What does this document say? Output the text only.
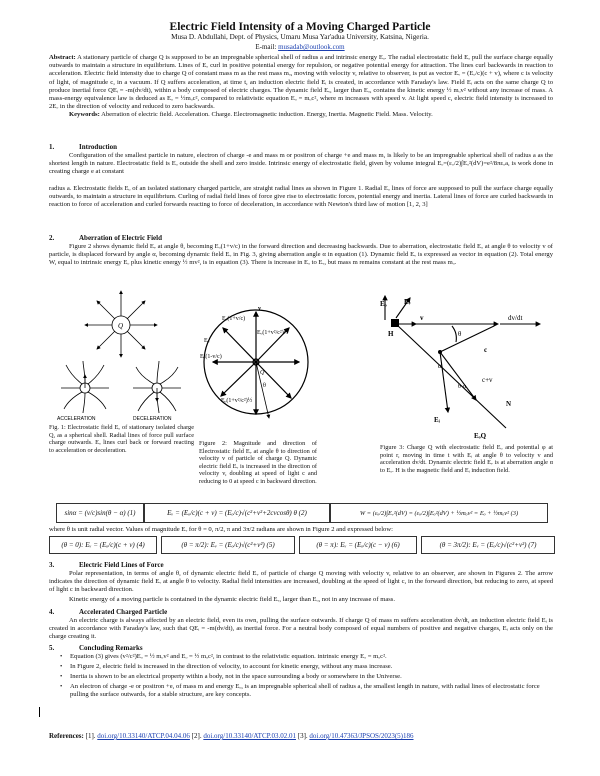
Electric Field Intensity of a Moving Charged Particle
Musa D. Abdullahi, Dept. of Physics, Umaru Musa Yar'adua University, Katsina, Nigeria.
E-mail: musadab@outlook.com
Abstract: A stationary particle of charge Q is supposed to be an impregnable spherical shell of radius a and intrinsic energy Eₒ. The radial electrostatic field Eₒ pull the surface charge equally outwards to maintain a structure in equilibrium. Lines of Eₒ curl in positive potential energy for repulsion, or negative potential energy for attraction. The lines curl backwards in reaction to acceleration. Electric field intensity due to charge Q of constant mass m as the rest mass mₒ, moving with velocity v, relative to observer, is put as vector Eᵥ = (Eₒ/c)(c + v), where c is velocity of light, of magnitude c, in a vacuum. If Q suffers acceleration, at time t, an induction electric field Eᵢ is created, in accordance with Faraday's law. Field Eᵢ acts on the same charge Q to produce inertial force QEᵢ = -m(dv/dt), within a body composed of electric charges. The dynamic field Eᵥ, larger than Eₒ, contains the kinetic energy ½ mₒv² without any increase of mass. A mass-energy equivalence law is deduced as Eₒ = ½mₒc², compared to relativistic equation Eₒ = mₒc², where m increases with speed v. At light speed c, electric field intensity is increased to 2Eₒ in the direction of velocity and reduced to zero backwards.
Keywords: Aberration of electric field. Acceleration. Charge. Electromagnetic induction. Energy, Inertia. Magnetic Field. Mass. Velocity.
1.	Introduction
Configuration of the smallest particle in nature, electron of charge -e and mass m or positron of charge +e and mass m, is likely to be an impregnable spherical shell of radius a as the shortest length in nature. Electrostatic field is Eₒ outside the shell and zero inside. Intrinsic energy of electrostatic field, given by volume integral Eₒ=(εₒ/2)∫Eₒ²(dV)=e²/8πεₒa, is work done in creating charge e at constant
radius a. Electrostatic fields Eₒ of an isolated stationary charged particle, are straight radial lines as shown in Figure 1. Radial Eₒ lines of force are supposed to pull the surface charge equally outwards, to maintain a structure in equilibrium. Curling of radial field lines of force give rise to electrostatic forces, potential energy and inertia. Lateral lines of force are curled backwards in reaction to force of acceleration and curled forwards reacting to force of deceleration, in accordance with Newton's third law of motion [1, 2, 3]
2.	Aberration of Electric Field
Figure 2 shows dynamic field Eᵥ at angle θ, becoming Eₒ(1+v/c) in the forward direction and decreasing backwards. Due to aberration, electrostatic field Eₒ at angle θ to velocity v of particle, is displaced forward by angle α, becoming dynamic field Eᵥ in Fig. 3, giving aberration angle α in equation (1). Dynamic field Eᵥ is expressed as vector in equation (2). Total energy W, equal to intrinsic energy Eₒ plus kinetic energy ½ mv², is in equation (3). There is increase in Eₒ to Eᵥ, but mass m remains constant at the rest mass mₒ.
Q
ACCELERATION	DECELERATION
Fig. 1: Electrostatic field Eₒ of stationary isolated charge Q, as a spherical shell. Radial lines of force pull surface charge outwards. Eₒ lines curl back or forward reacting to acceleration or deceleration.
Eₒ(1+v/c)
Eₒ(1+v²/c²)½
Eₒ
Eₒ(1-v/c)
Eₒ(1+v²/c²)½
Q
θ
v
Figure 2: Magnitude and direction of Electrostatic field Eᵥ at angle θ to direction of velocity v of particle of charge Q. Dynamic electric field Eᵥ is increased in the direction of velocity v, doubling at speed of light c and reducing to 0 at speed c in backward direction.
Eₒ Eᵥ
H
v	dv/dt
c
c+v
α
θ
θ-α
Eᵢ
N
EₒQ
Figure 3: Charge Q with electrostatic field Eₒ and potential φ at point r, moving in time t with Eᵢ at angle θ to velocity v and acceleration dv/dt. Dynamic electric field Eᵥ is at aberration angle α to Eₒ. H is the magnetic field and Eᵢ induction field.
sinα = (v/c)sin(θ − α) (1)	Eᵥ = (Eₒ/c)(c + v) = (Eₒ/c)√(c²+v²+2cvcosθ) θ (2)	W = (εₒ/2)∫Eᵥ²(dV) = (εₒ/2)∫Eₒ²(dV) + ½mₒv² = Eₒ + ½mₒv² (3)
where θ is unit radial vector. Values of magnitude Eᵥ for θ = 0, π/2, π and 3π/2 radians are shown in Figure 2 and expressed below:
(θ = 0): Eᵥ = (Eₒ/c)(c + v) (4)	(θ = π/2): Eᵥ = (Eₒ/c)√(c²+v²) (5)	(θ = π): Eᵥ = (Eₒ/c)(c − v) (6)	(θ = 3π/2): Eᵥ = (Eₒ/c)√(c²+v²) (7)
3.	Electric Field Lines of Force
Polar representation, in terms of angle θ, of dynamic electric field Eᵥ of particle of charge Q moving with velocity v, relative to an observer, are shown in Figures 2. The arrow indicates the direction of dynamic field Eᵥ at angle θ to velocity. Radial field intensities are increased, doubling at the speed of light c, in the forward direction, but reducing to zero, at speed of light c in backward direction.
Kinetic energy of a moving particle is contained in the dynamic electric field Eᵥ, larger than Eₒ, not in any increase of mass.
4.	Accelerated Charged Particle
An electric charge is always affected by an electric field, even its own, pulling the surface outwards. If charge Q of mass m suffers acceleration dv/dt, an induction electric field Eᵢ is created in accordance with Faraday's law, such that QEᵢ = -m(dv/dt), as inertial force. For a neutral body composed of equal numbers of positive and negative charges, Eᵢ acts only on the charge creating it.
5.	Concluding Remarks
• Equation (3) gives (v²/c²)Eₒ = ½ mₒv² and Eₒ = ½ mₒc², in contrast to the relativistic equation. intrinsic energy Eₒ = mₒc².
• In Figure 2, electric field is increased in the direction of velocity, to account for kinetic energy, without any mass increase.
• Inertia is shown to be an electrical property within a body, not in the space surrounding a body or somewhere in the Universe.
• An electron of charge -e or positron +e, of mass m and energy Eₒ, is an impregnable spherical shell of radius a, the smallest length in nature, with radial lines of electrostatic force pulling the surface outwards, for a stable structure, are key concepts.
References: [1]. doi.org/10.33140/ATCP.04.04.06 [2]. doi.org/10.33140/ATCP.03.02.01 [3]. doi.org/10.47363/JPSOS/2023(5)186
